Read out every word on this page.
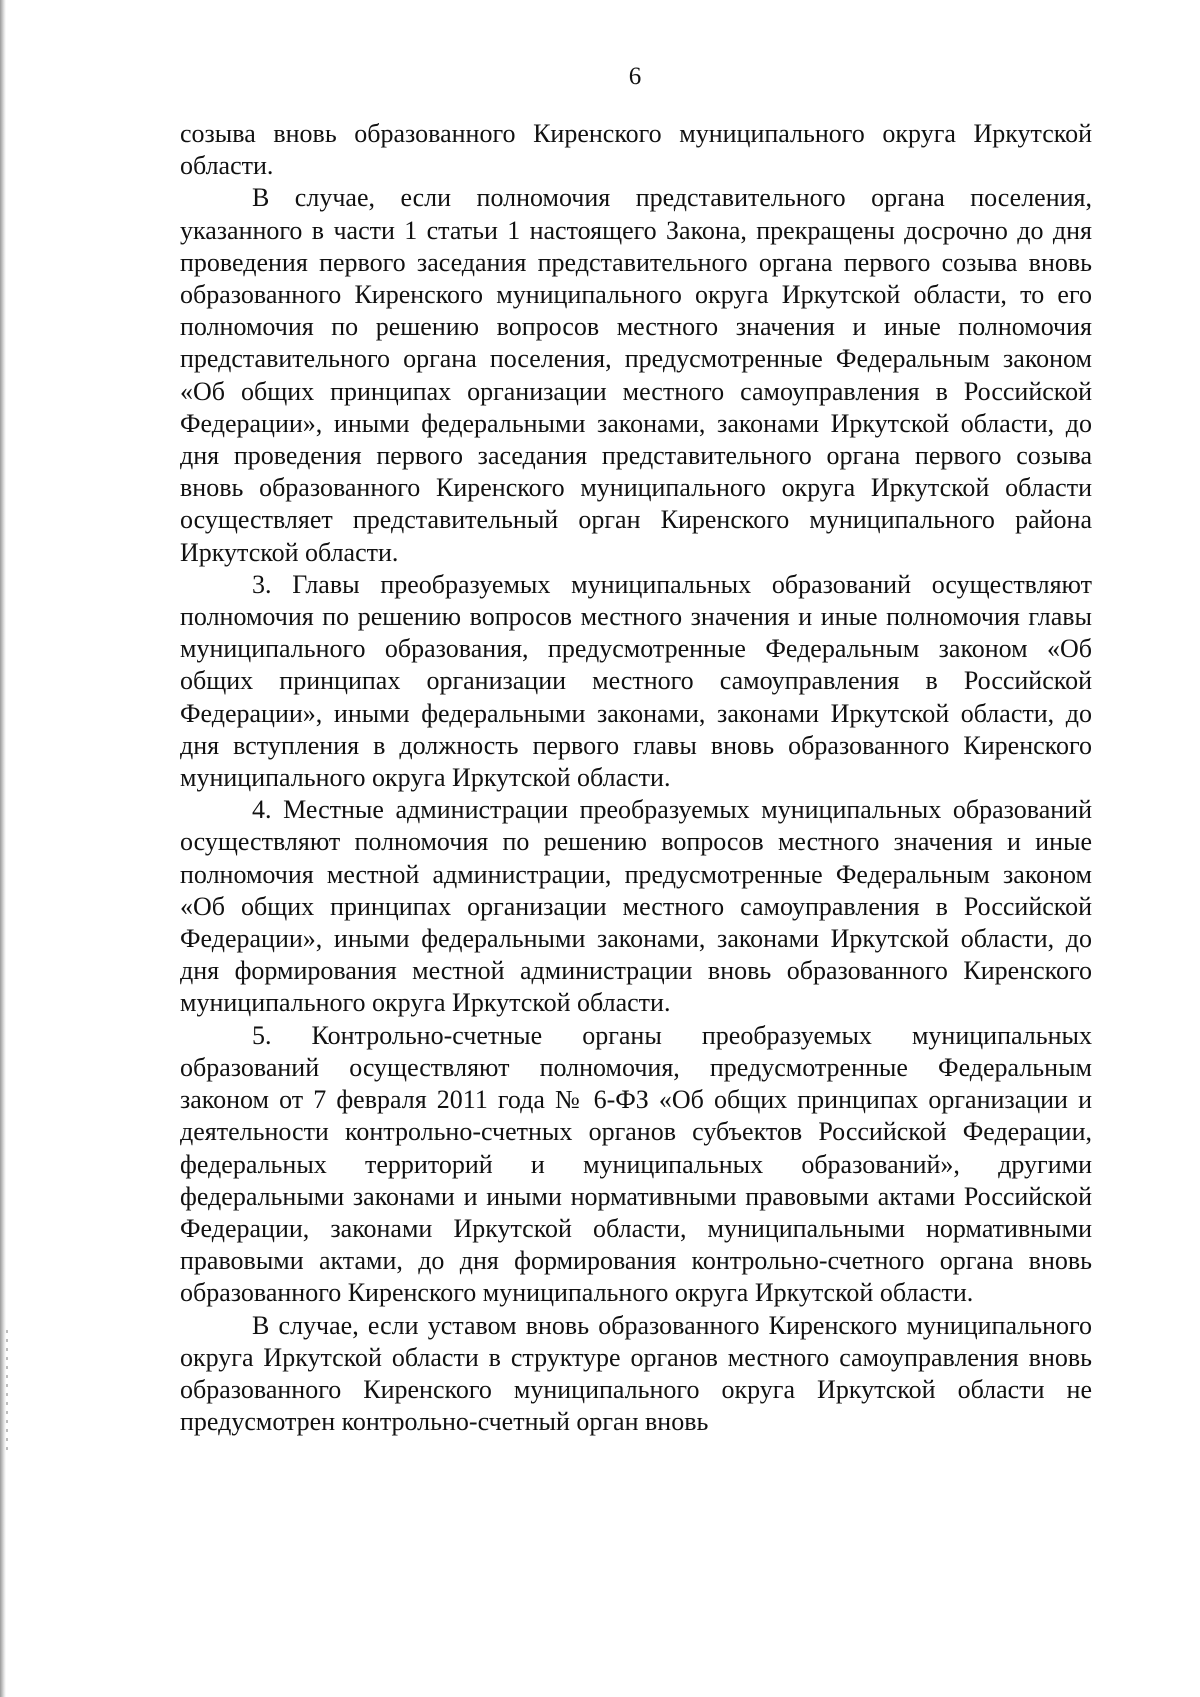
6

созыва вновь образованного Киренского муниципального округа Иркутской области.

В случае, если полномочия представительного органа поселения, указанного в части 1 статьи 1 настоящего Закона, прекращены досрочно до дня проведения первого заседания представительного органа первого созыва вновь образованного Киренского муниципального округа Иркутской области, то его полномочия по решению вопросов местного значения и иные полномочия представительного органа поселения, предусмотренные Федеральным законом «Об общих принципах организации местного самоуправления в Российской Федерации», иными федеральными законами, законами Иркутской области, до дня проведения первого заседания представительного органа первого созыва вновь образованного Киренского муниципального округа Иркутской области осуществляет представительный орган Киренского муниципального района Иркутской области.

3. Главы преобразуемых муниципальных образований осуществляют полномочия по решению вопросов местного значения и иные полномочия главы муниципального образования, предусмотренные Федеральным законом «Об общих принципах организации местного самоуправления в Российской Федерации», иными федеральными законами, законами Иркутской области, до дня вступления в должность первого главы вновь образованного Киренского муниципального округа Иркутской области.

4. Местные администрации преобразуемых муниципальных образований осуществляют полномочия по решению вопросов местного значения и иные полномочия местной администрации, предусмотренные Федеральным законом «Об общих принципах организации местного самоуправления в Российской Федерации», иными федеральными законами, законами Иркутской области, до дня формирования местной администрации вновь образованного Киренского муниципального округа Иркутской области.

5. Контрольно-счетные органы преобразуемых муниципальных образований осуществляют полномочия, предусмотренные Федеральным законом от 7 февраля 2011 года № 6-ФЗ «Об общих принципах организации и деятельности контрольно-счетных органов субъектов Российской Федерации, федеральных территорий и муниципальных образований», другими федеральными законами и иными нормативными правовыми актами Российской Федерации, законами Иркутской области, муниципальными нормативными правовыми актами, до дня формирования контрольно-счетного органа вновь образованного Киренского муниципального округа Иркутской области.

В случае, если уставом вновь образованного Киренского муниципального округа Иркутской области в структуре органов местного самоуправления вновь образованного Киренского муниципального округа Иркутской области не предусмотрен контрольно-счетный орган вновь
